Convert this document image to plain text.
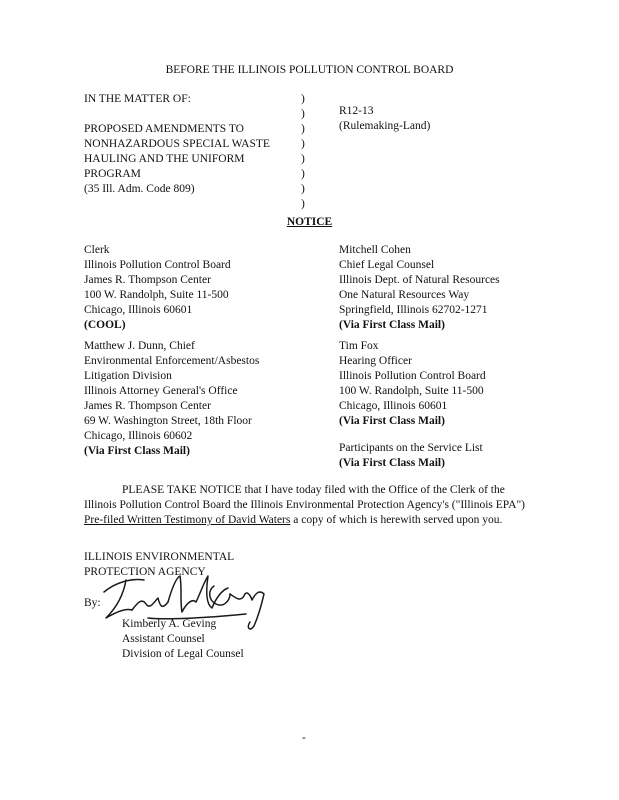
BEFORE THE ILLINOIS POLLUTION CONTROL BOARD
IN THE MATTER OF:
PROPOSED AMENDMENTS TO
NONHAZARDOUS SPECIAL WASTE
HAULING AND THE UNIFORM
PROGRAM
(35 Ill. Adm. Code 809)
)
)
)
)
)
)
)
)
R12-13
(Rulemaking-Land)
NOTICE
Clerk
Illinois Pollution Control Board
James R. Thompson Center
100 W. Randolph, Suite 11-500
Chicago, Illinois 60601
(COOL)
Mitchell Cohen
Chief Legal Counsel
Illinois Dept. of Natural Resources
One Natural Resources Way
Springfield, Illinois 62702-1271
(Via First Class Mail)
Matthew J. Dunn, Chief
Environmental Enforcement/Asbestos
Litigation Division
Illinois Attorney General's Office
James R. Thompson Center
69 W. Washington Street, 18th Floor
Chicago, Illinois 60602
(Via First Class Mail)
Tim Fox
Hearing Officer
Illinois Pollution Control Board
100 W. Randolph, Suite 11-500
Chicago, Illinois 60601
(Via First Class Mail)
Participants on the Service List
(Via First Class Mail)
PLEASE TAKE NOTICE that I have today filed with the Office of the Clerk of the
Illinois Pollution Control Board the Illinois Environmental Protection Agency's ("Illinois EPA")
Pre-filed Written Testimony of David Waters a copy of which is herewith served upon you.
ILLINOIS ENVIRONMENTAL
PROTECTION AGENCY
By:
Kimberly A. Geving
Assistant Counsel
Division of Legal Counsel
-
